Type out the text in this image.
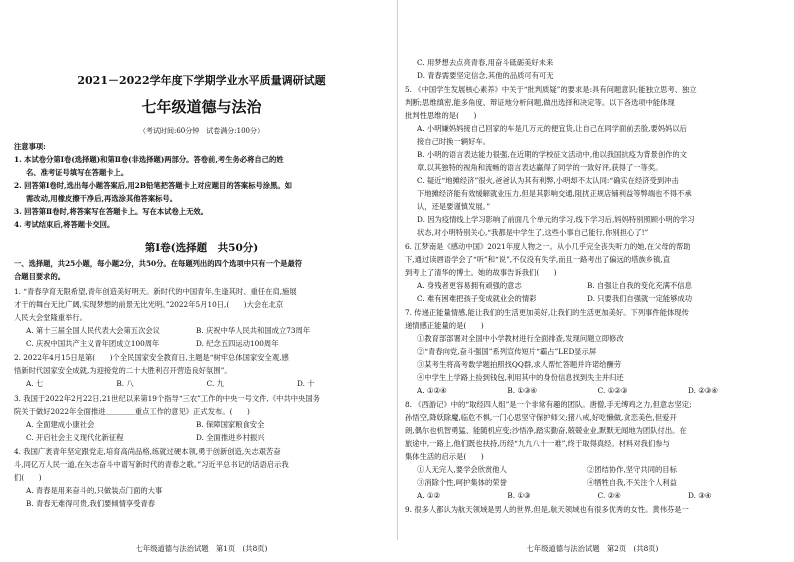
2021－2022学年度下学期学业水平质量调研试题
七年级道德与法治
（考试时间:60分钟　试卷满分:100分）
注意事项:
1. 本试卷分第Ⅰ卷(选择题)和第Ⅱ卷(非选择题)两部分。答卷前,考生务必将自己的姓
名、准考证号填写在答题卡上。
2. 回答第Ⅰ卷时,选出每小题答案后,用2B铅笔把答题卡上对应题目的答案标号涂黑。如
需改动,用橡皮擦干净后,再选涂其他答案标号。
3. 回答第Ⅱ卷时,将答案写在答题卡上。写在本试卷上无效。
4. 考试结束后,将答题卡交回。
第Ⅰ卷(选择题　共50分)
一、选择题，共25小题，每小题2分，共50分。在每题列出的四个选项中只有一个是最符
合题目要求的。
1. “青春孕育无限希望,青年创造美好明天。新时代的中国青年,生逢其时、重任在肩,施展
才干的舞台无比广阔,实现梦想的前景无比光明。”2022年5月10日,(　　)大会在北京
人民大会堂隆重举行。
A. 第十三届全国人民代表大会第五次会议	B. 庆祝中华人民共和国成立73周年
C. 庆祝中国共产主义青年团成立100周年	D. 纪念五四运动100周年
2. 2022年4月15日是第(　　)个全民国家安全教育日,主题是“树牢总体国家安全观,感
悟新时代国家安全成就,为迎接党的二十大胜利召开营造良好氛围”。
A. 七	B. 八	C. 九	D. 十
3. 我国于2022年2月22日,21世纪以来第19个指导“三农”工作的中央一号文件,《中共中央国务
院关于做好2022年全面推进＿＿＿＿重点工作的意见》正式发布。(　　)
A. 全面建成小康社会	B. 保障国家粮食安全
C. 开启社会主义现代化新征程	D. 全面推进乡村振兴
4. 我国广袤青年坚定跟党走,培育高尚品格,练就过硬本领,勇于创新创造,矢志艰苦奋
斗,同亿万人民一道,在矢志奋斗中谱写新时代的青春之歌。”习近平总书记的话语启示我
们(　　)
A. 青春是用来奋斗的,只做装点门面的大事
B. 青春无难得可贵,我们要倾情享受青春
七年级道德与法治试题　第1页　(共8页)
C. 用梦想去点亮青春,用奋斗砥砺美好未来
D. 青春需要坚定信念,其他的品质可有可无
5. 《中国学生发展核心素养》中关于“批判质疑”的要求是:具有问题意识;能独立思考、独立
判断;思维缜密,能多角度、辩证地分析问题,做出选择和决定等。以下各选项中能体现
批判性思维的是(　　)
A. 小明嫌妈妈接自己回家的车是几万元的便宜货,让自己在同学面前丢脸,要妈妈以后
接自己时换一辆好车。
B. 小明的语言表达能力很强,在近期的学校征文活动中,他以我国抗疫为背景创作的文
章,以其独特的视角和流畅的语言表达赢得了同学的一致好评,获得了一等奖。
C. 疑近“地摊经济”很火,爸爸认为其有利弊,小明却不太认同:“确实在经济受到冲击
下地摊经济能有效缓解就业压力,但是其影响交通,阻扰正规店铺利益等弊端也不得不承
认，还是要谨慎发展。”
D. 因为疫情线上学习影响了前面几个单元的学习,线下学习后,妈妈特别照顾小明的学习
状态,对小明特别关心,“我都是中学生了,这些小事自己能行,你别担心了!”
6. 江梦南是《感动中国》2021年度人物之一。从小几乎完全丧失听力的她,在父母的帮助
下,通过读唇语学会了“听”和“说”,不仅没有失学,而且一路考出了偏远的塔族乡镇,直
到考上了清华的博士。她的故事告诉我们(　　)
A. 身残者更容易拥有顽强的意志	B. 自强让自我的变化充满不信息
C. 难有困难把孩子变成就业会的情彩	D. 只要我们自强就一定能够成功
7. 传递正能量情感,能让我们的生活更加美好,让我们的生活更加美好。下列事件能体现传
递情感正能量的是(　　)
①教育部部署对全国中小学教材进行全面排查,发现问题立即修改
②“青春向党,奋斗强国”系列宣传短片“霸占”LED显示屏
③某考生将高考数学题拍照找QQ群,求人帮忙答题并许诺给酬劳
④中学生上学路上捡到钱包,利用其中的身份信息找到失主并归还
A. ①②④	B. ①③④	C. ①②③	D. ②③④
8. 《西游记》中的“取经四人组”是一个非常有趣的团队。唐僧,手无缚鸡之力,但意志坚定;
孙悟空,降妖除魔,临危不惧,一门心思坚守保护师父;猪八戒,好吃懒做,贪恋美色,但爱开
朗,偶尔也机智勇猛、能随机应变;沙悟净,踏实勤奋,兢兢业业,默默无闻地为团队付出。在
旅途中,一路上,他们既也扶持,历经“九九八十一难”,终于取得真经。材料对我们参与
集体生活的启示是(　　)
①人无完人,要学会欣赏他人	②团结协作,坚守共同的目标
③消除个性,呵护集体的荣誉	④牺牲自我,不关注个人利益
A. ①②	B. ①③	C. ②④	D. ③④
9. 很多人都认为航天领域是男人的世界,但是,航天领域也有很多优秀的女性。黄伟芬是一
七年级道德与法治试题　第2页　(共8页)
